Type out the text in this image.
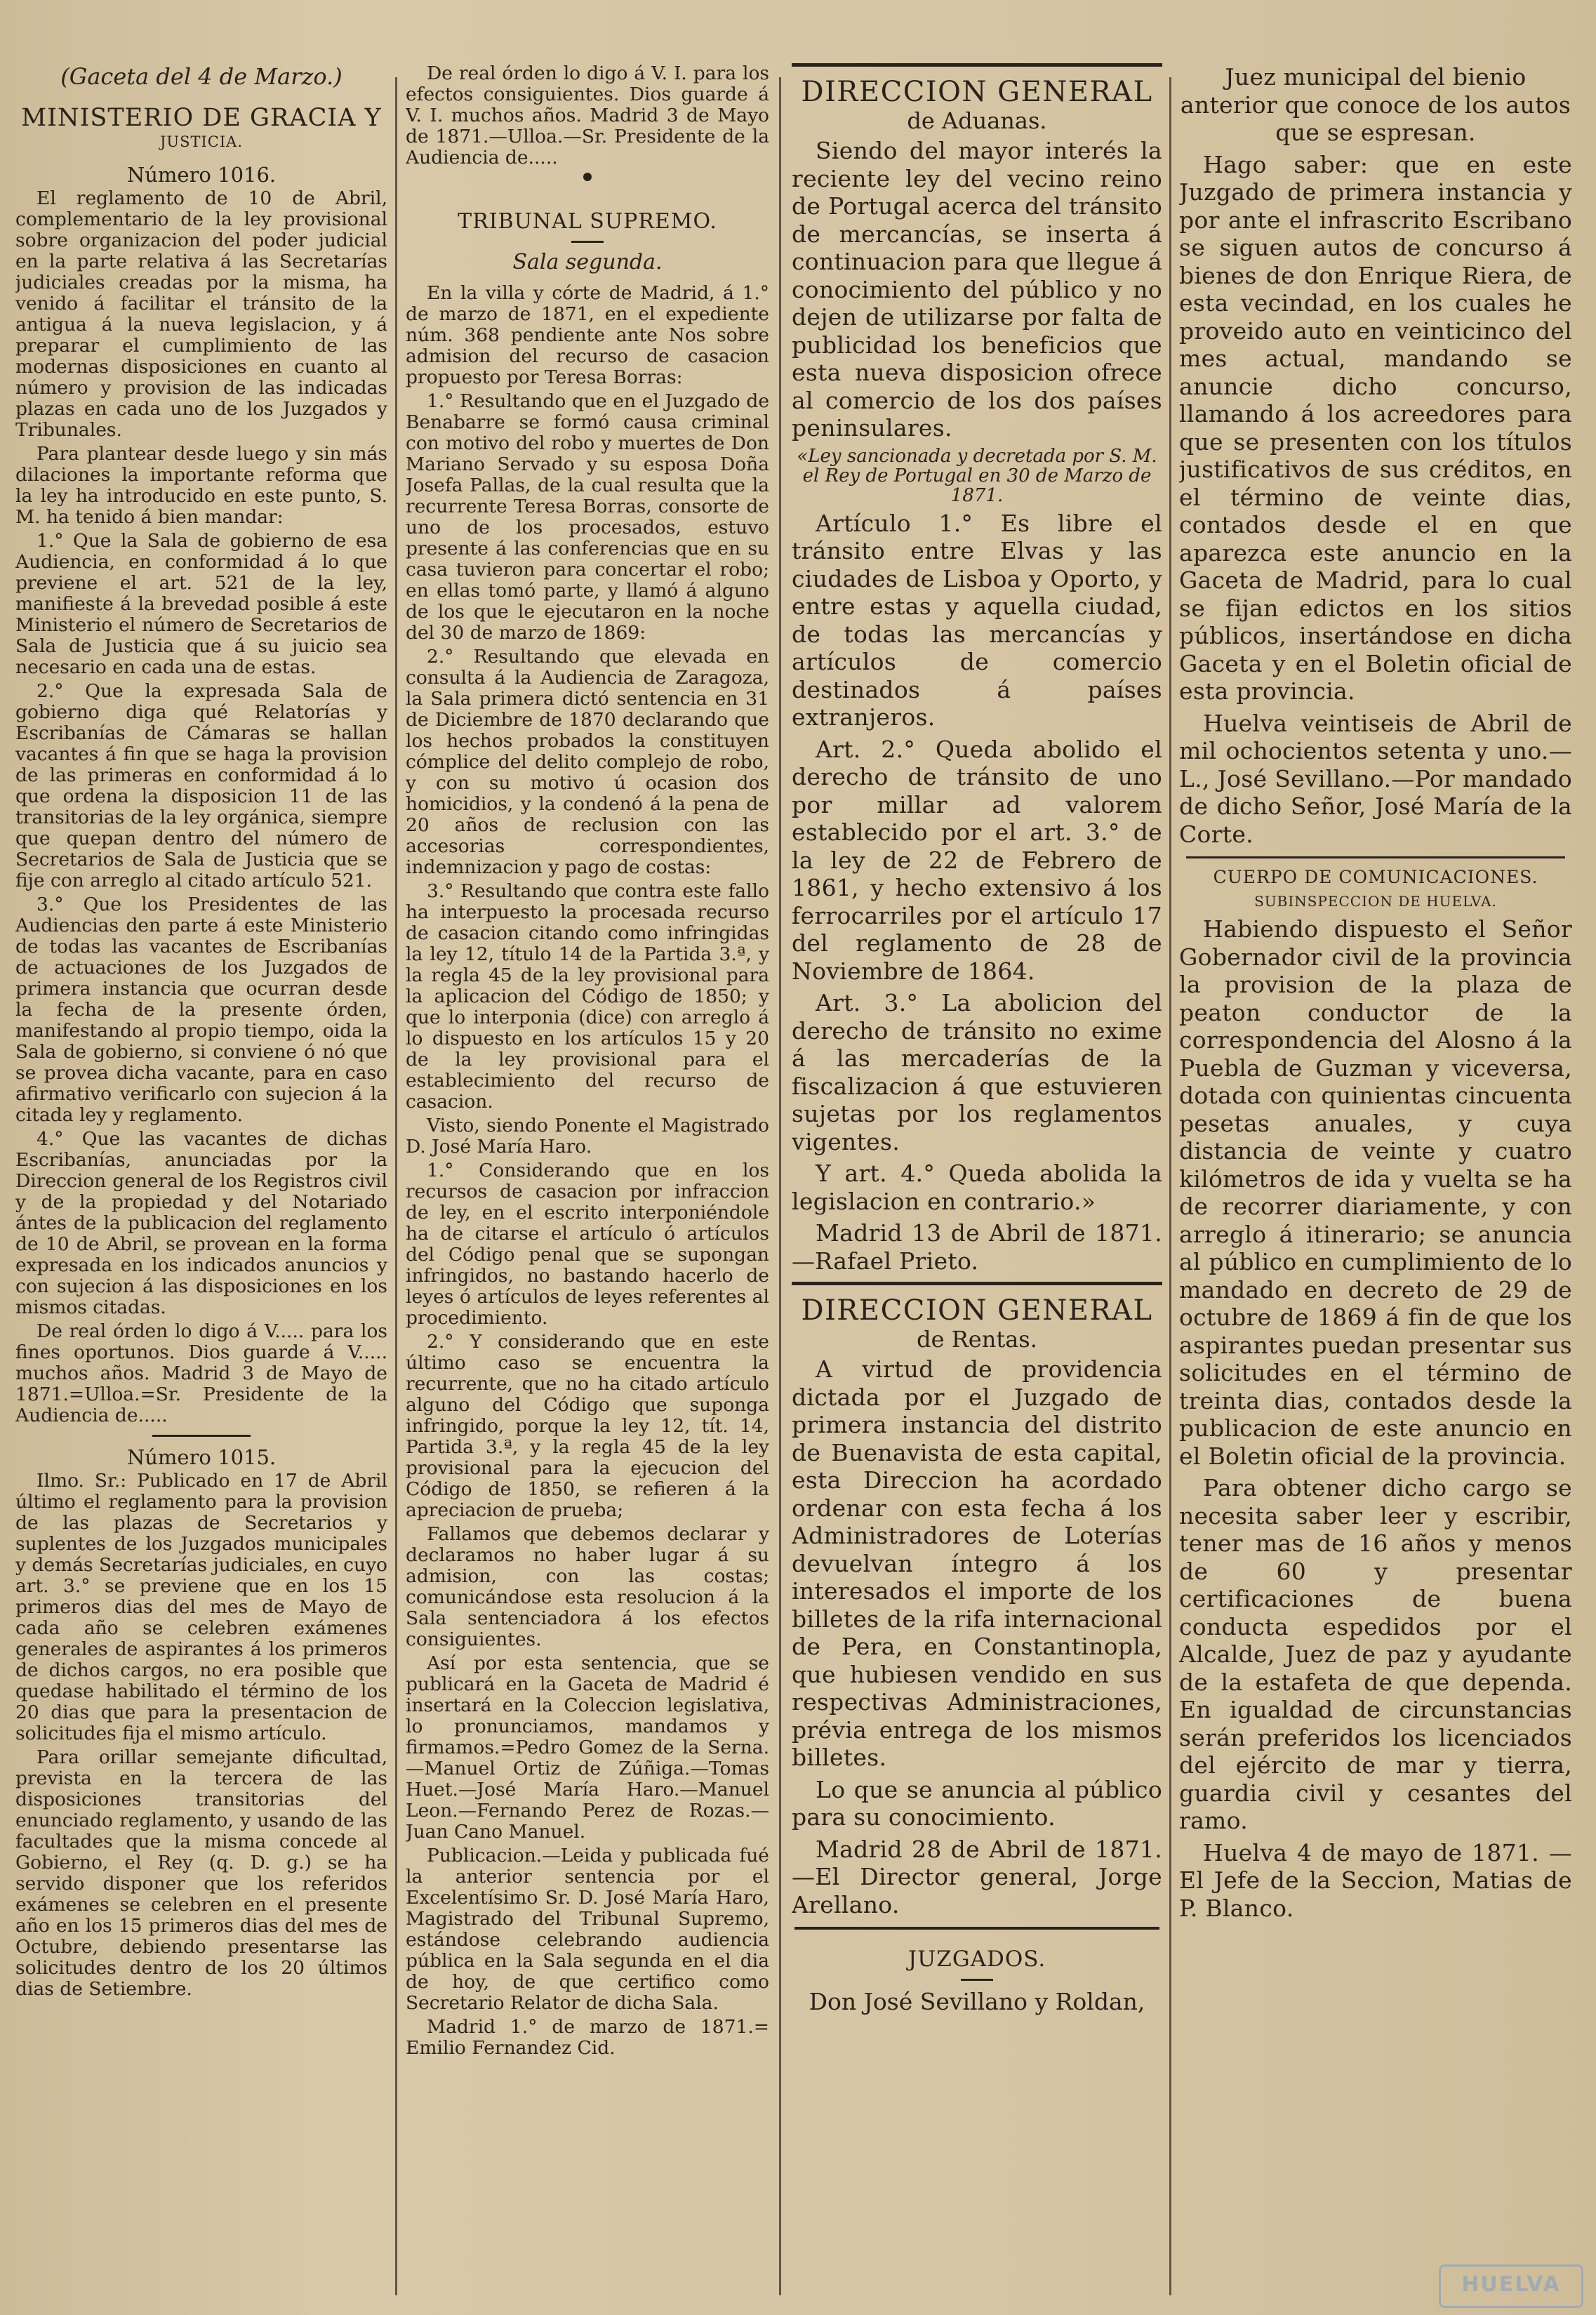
(Gaceta del 4 de Marzo.)
MINISTERIO DE GRACIA Y
JUSTICIA.
Número 1016.

El reglamento de 10 de Abril, complementario de la ley provisional sobre organizacion del poder judicial en la parte relativa á las Secretarías judiciales creadas por la misma, ha venido á facilitar el tránsito de la antigua á la nueva legislacion, y á preparar el cumplimiento de las modernas disposiciones en cuanto al número y provision de las indicadas plazas en cada uno de los Juzgados y Tribunales.

Para plantear desde luego y sin más dilaciones la importante reforma que la ley ha introducido en este punto, S. M. ha tenido á bien mandar:

1.° Que la Sala de gobierno de esa Audiencia, en conformidad á lo que previene el art. 521 de la ley, manifieste á la brevedad posible á este Ministerio el número de Secretarios de Sala de Justicia que á su juicio sea necesario en cada una de estas.

2.° Que la expresada Sala de gobierno diga qué Relatorías y Escribanías de Cámaras se hallan vacantes á fin que se haga la provision de las primeras en conformidad á lo que ordena la disposicion 11 de las transitorias de la ley orgánica, siempre que quepan dentro del número de Secretarios de Sala de Justicia que se fije con arreglo al citado artículo 521.

3.° Que los Presidentes de las Audiencias den parte á este Ministerio de todas las vacantes de Escribanías de actuaciones de los Juzgados de primera instancia que ocurran desde la fecha de la presente órden, manifestando al propio tiempo, oida la Sala de gobierno, si conviene ó nó que se provea dicha vacante, para en caso afirmativo verificarlo con sujecion á la citada ley y reglamento.

4.° Que las vacantes de dichas Escribanías, anunciadas por la Direccion general de los Registros civil y de la propiedad y del Notariado ántes de la publicacion del reglamento de 10 de Abril, se provean en la forma expresada en los indicados anuncios y con sujecion á las disposiciones en los mismos citadas.

De real órden lo digo á V..... para los fines oportunos. Dios guarde á V..... muchos años. Madrid 3 de Mayo de 1871.=Ulloa.=Sr. Presidente de la Audiencia de.....

Número 1015.

Ilmo. Sr.: Publicado en 17 de Abril último el reglamento para la provision de las plazas de Secretarios y suplentes de los Juzgados municipales y demás Secretarías judiciales, en cuyo art. 3.° se previene que en los 15 primeros dias del mes de Mayo de cada año se celebren exámenes generales de aspirantes á los primeros de dichos cargos, no era posible que quedase habilitado el término de los 20 dias que para la presentacion de solicitudes fija el mismo artículo.

Para orillar semejante dificultad, prevista en la tercera de las disposiciones transitorias del enunciado reglamento, y usando de las facultades que la misma concede al Gobierno, el Rey (q. D. g.) se ha servido disponer que los referidos exámenes se celebren en el presente año en los 15 primeros dias del mes de Octubre, debiendo presentarse las solicitudes dentro de los 20 últimos dias de Setiembre.

De real órden lo digo á V. I. para los efectos consiguientes. Dios guarde á V. I. muchos años. Madrid 3 de Mayo de 1871.—Ulloa.—Sr. Presidente de la Audiencia de.....

TRIBUNAL SUPREMO.
Sala segunda.

En la villa y córte de Madrid, á 1.° de marzo de 1871, en el expediente núm. 368 pendiente ante Nos sobre admision del recurso de casacion propuesto por Teresa Borras:

1.° Resultando que en el Juzgado de Benabarre se formó causa criminal con motivo del robo y muertes de Don Mariano Servado y su esposa Doña Josefa Pallas, de la cual resulta que la recurrente Teresa Borras, consorte de uno de los procesados, estuvo presente á las conferencias que en su casa tuvieron para concertar el robo; en ellas tomó parte, y llamó á alguno de los que le ejecutaron en la noche del 30 de marzo de 1869:

2.° Resultando que elevada en consulta á la Audiencia de Zaragoza, la Sala primera dictó sentencia en 31 de Diciembre de 1870 declarando que los hechos probados la constituyen cómplice del delito complejo de robo, y con su motivo ú ocasion dos homicidios, y la condenó á la pena de 20 años de reclusion con las accesorias correspondientes, indemnizacion y pago de costas:

3.° Resultando que contra este fallo ha interpuesto la procesada recurso de casacion citando como infringidas la ley 12, título 14 de la Partida 3.ª, y la regla 45 de la ley provisional para la aplicacion del Código de 1850; y que lo interponia (dice) con arreglo á lo dispuesto en los artículos 15 y 20 de la ley provisional para el establecimiento del recurso de casacion.

Visto, siendo Ponente el Magistrado D. José María Haro.

1.° Considerando que en los recursos de casacion por infraccion de ley, en el escrito interponiéndole ha de citarse el artículo ó artículos del Código penal que se supongan infringidos, no bastando hacerlo de leyes ó artículos de leyes referentes al procedimiento.

2.° Y considerando que en este último caso se encuentra la recurrente, que no ha citado artículo alguno del Código que suponga infringido, porque la ley 12, tít. 14, Partida 3.ª, y la regla 45 de la ley provisional para la ejecucion del Código de 1850, se refieren á la apreciacion de prueba;

Fallamos que debemos declarar y declaramos no haber lugar á su admision, con las costas; comunicándose esta resolucion á la Sala sentenciadora á los efectos consiguientes.

Así por esta sentencia, que se publicará en la Gaceta de Madrid é insertará en la Coleccion legislativa, lo pronunciamos, mandamos y firmamos.=Pedro Gomez de la Serna.—Manuel Ortiz de Zúñiga.—Tomas Huet.—José María Haro.—Manuel Leon.—Fernando Perez de Rozas.—Juan Cano Manuel.

Publicacion.—Leida y publicada fué la anterior sentencia por el Excelentísimo Sr. D. José María Haro, Magistrado del Tribunal Supremo, estándose celebrando audiencia pública en la Sala segunda en el dia de hoy, de que certifico como Secretario Relator de dicha Sala.

Madrid 1.° de marzo de 1871.= Emilio Fernandez Cid.

DIRECCION GENERAL
de Aduanas.

Siendo del mayor interés la reciente ley del vecino reino de Portugal acerca del tránsito de mercancías, se inserta á continuacion para que llegue á conocimiento del público y no dejen de utilizarse por falta de publicidad los beneficios que esta nueva disposicion ofrece al comercio de los dos países peninsulares.

«Ley sancionada y decretada por S. M. el Rey de Portugal en 30 de Marzo de 1871.

Artículo 1.° Es libre el tránsito entre Elvas y las ciudades de Lisboa y Oporto, y entre estas y aquella ciudad, de todas las mercancías y artículos de comercio destinados á países extranjeros.

Art. 2.° Queda abolido el derecho de tránsito de uno por millar ad valorem establecido por el art. 3.° de la ley de 22 de Febrero de 1861, y hecho extensivo á los ferrocarriles por el artículo 17 del reglamento de 28 de Noviembre de 1864.

Art. 3.° La abolicion del derecho de tránsito no exime á las mercaderías de la fiscalizacion á que estuvieren sujetas por los reglamentos vigentes.

Y art. 4.° Queda abolida la legislacion en contrario.»

Madrid 13 de Abril de 1871.—Rafael Prieto.

DIRECCION GENERAL
de Rentas.

A virtud de providencia dictada por el Juzgado de primera instancia del distrito de Buenavista de esta capital, esta Direccion ha acordado ordenar con esta fecha á los Administradores de Loterías devuelvan íntegro á los interesados el importe de los billetes de la rifa internacional de Pera, en Constantinopla, que hubiesen vendido en sus respectivas Administraciones, prévia entrega de los mismos billetes.

Lo que se anuncia al público para su conocimiento.

Madrid 28 de Abril de 1871.—El Director general, Jorge Arellano.

JUZGADOS.
Don José Sevillano y Roldan,

Juez municipal del bienio anterior que conoce de los autos que se espresan.

Hago saber: que en este Juzgado de primera instancia y por ante el infrascrito Escribano se siguen autos de concurso á bienes de don Enrique Riera, de esta vecindad, en los cuales he proveido auto en veinticinco del mes actual, mandando se anuncie dicho concurso, llamando á los acreedores para que se presenten con los títulos justificativos de sus créditos, en el término de veinte dias, contados desde el en que aparezca este anuncio en la Gaceta de Madrid, para lo cual se fijan edictos en los sitios públicos, insertándose en dicha Gaceta y en el Boletin oficial de esta provincia.

Huelva veintiseis de Abril de mil ochocientos setenta y uno.—L., José Sevillano.—Por mandado de dicho Señor, José María de la Corte.

CUERPO DE COMUNICACIONES.
SUBINSPECCION DE HUELVA.

Habiendo dispuesto el Señor Gobernador civil de la provincia la provision de la plaza de peaton conductor de la correspondencia del Alosno á la Puebla de Guzman y viceversa, dotada con quinientas cincuenta pesetas anuales, y cuya distancia de veinte y cuatro kilómetros de ida y vuelta se ha de recorrer diariamente, y con arreglo á itinerario; se anuncia al público en cumplimiento de lo mandado en decreto de 29 de octubre de 1869 á fin de que los aspirantes puedan presentar sus solicitudes en el término de treinta dias, contados desde la publicacion de este anuncio en el Boletin oficial de la provincia.

Para obtener dicho cargo se necesita saber leer y escribir, tener mas de 16 años y menos de 60 y presentar certificaciones de buena conducta espedidos por el Alcalde, Juez de paz y ayudante de la estafeta de que dependa. En igualdad de circunstancias serán preferidos los licenciados del ejército de mar y tierra, guardia civil y cesantes del ramo.

Huelva 4 de mayo de 1871. —El Jefe de la Seccion, Matias de P. Blanco.

HUELVA
